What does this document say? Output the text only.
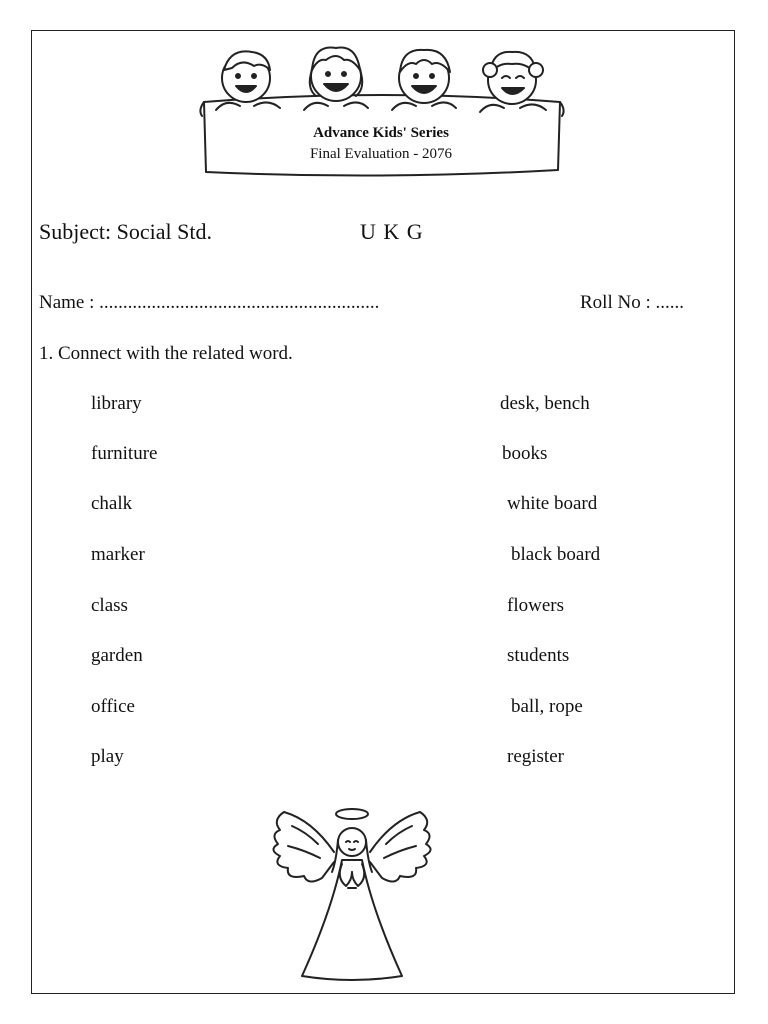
Advance Kids' Series
Final Evaluation - 2076
Subject: Social Std.	U K G
Name : ...........................................................	Roll No : ......
1. Connect with the related word.
library
furniture
chalk
marker
class
garden
office
play
desk, bench
books
white board
black board
flowers
students
ball, rope
register
